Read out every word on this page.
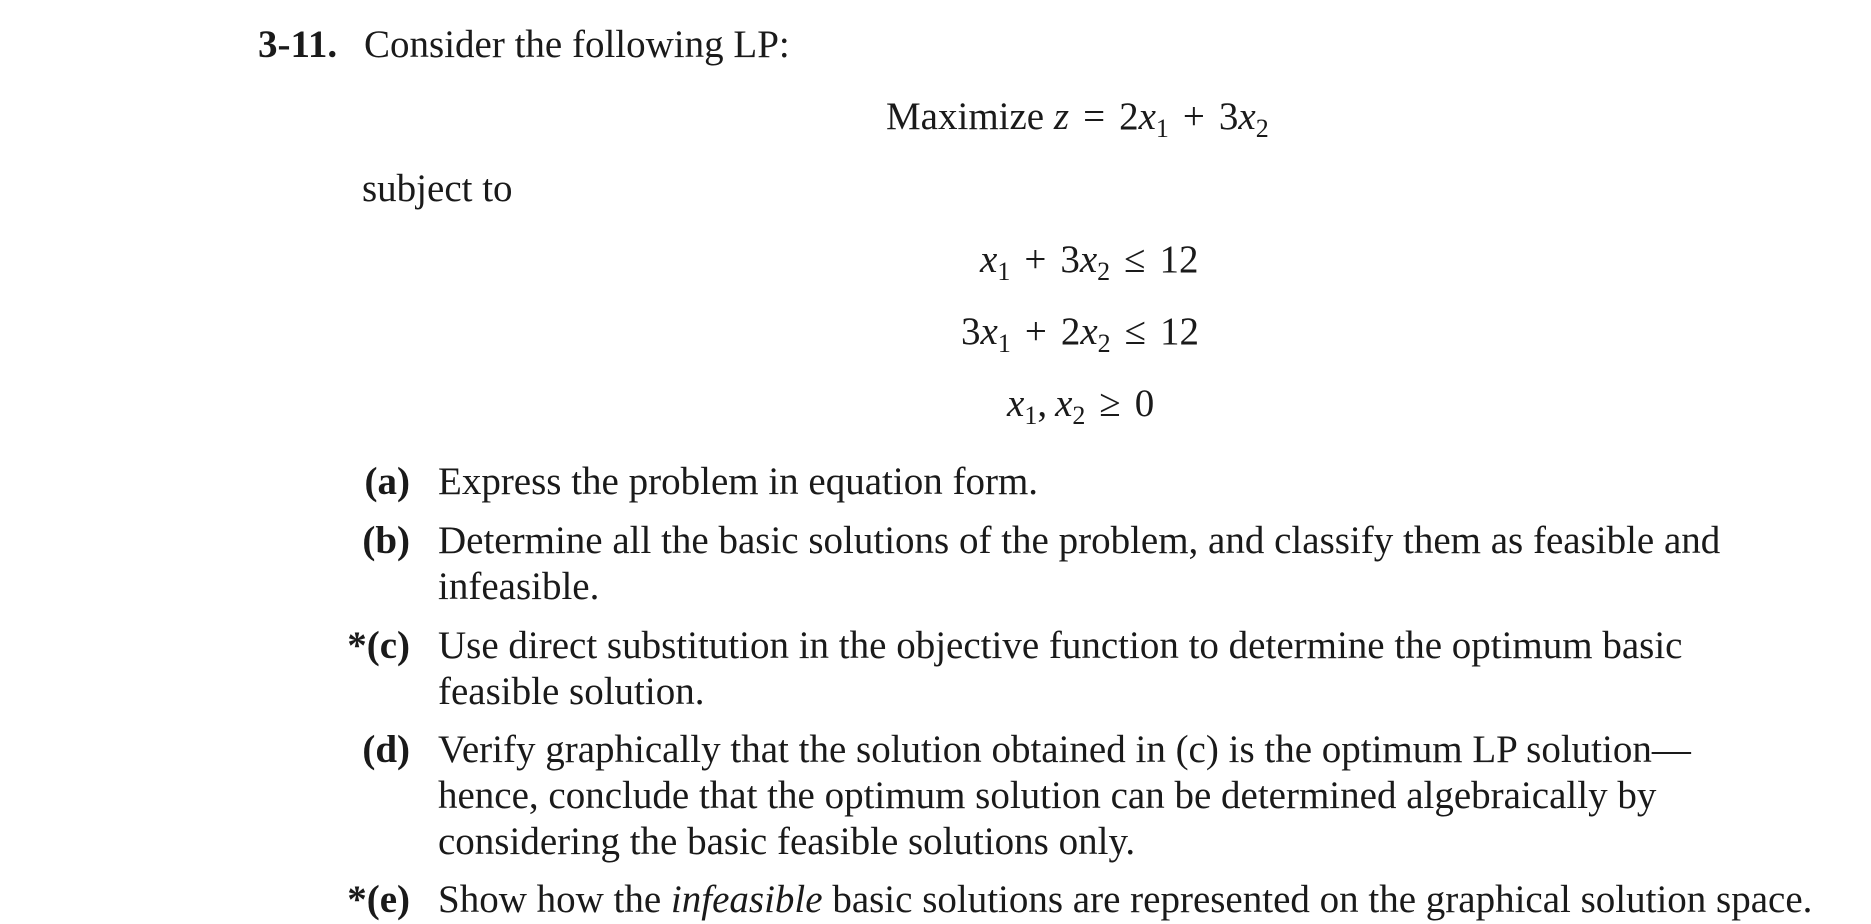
3-11. Consider the following LP:
Maximize $z = 2x_1 + 3x_2$
subject to
$x_1 + 3x_2 \le 12$
$3x_1 + 2x_2 \le 12$
$x_1$, $x_2 \ge 0$
(a) Express the problem in equation form.
(b) Determine all the basic solutions of the problem, and classify them as feasible and
infeasible.
*(c) Use direct substitution in the objective function to determine the optimum basic
feasible solution.
(d) Verify graphically that the solution obtained in (c) is the optimum LP solution—
hence, conclude that the optimum solution can be determined algebraically by
considering the basic feasible solutions only.
*(e) Show how the infeasible basic solutions are represented on the graphical solution space.
